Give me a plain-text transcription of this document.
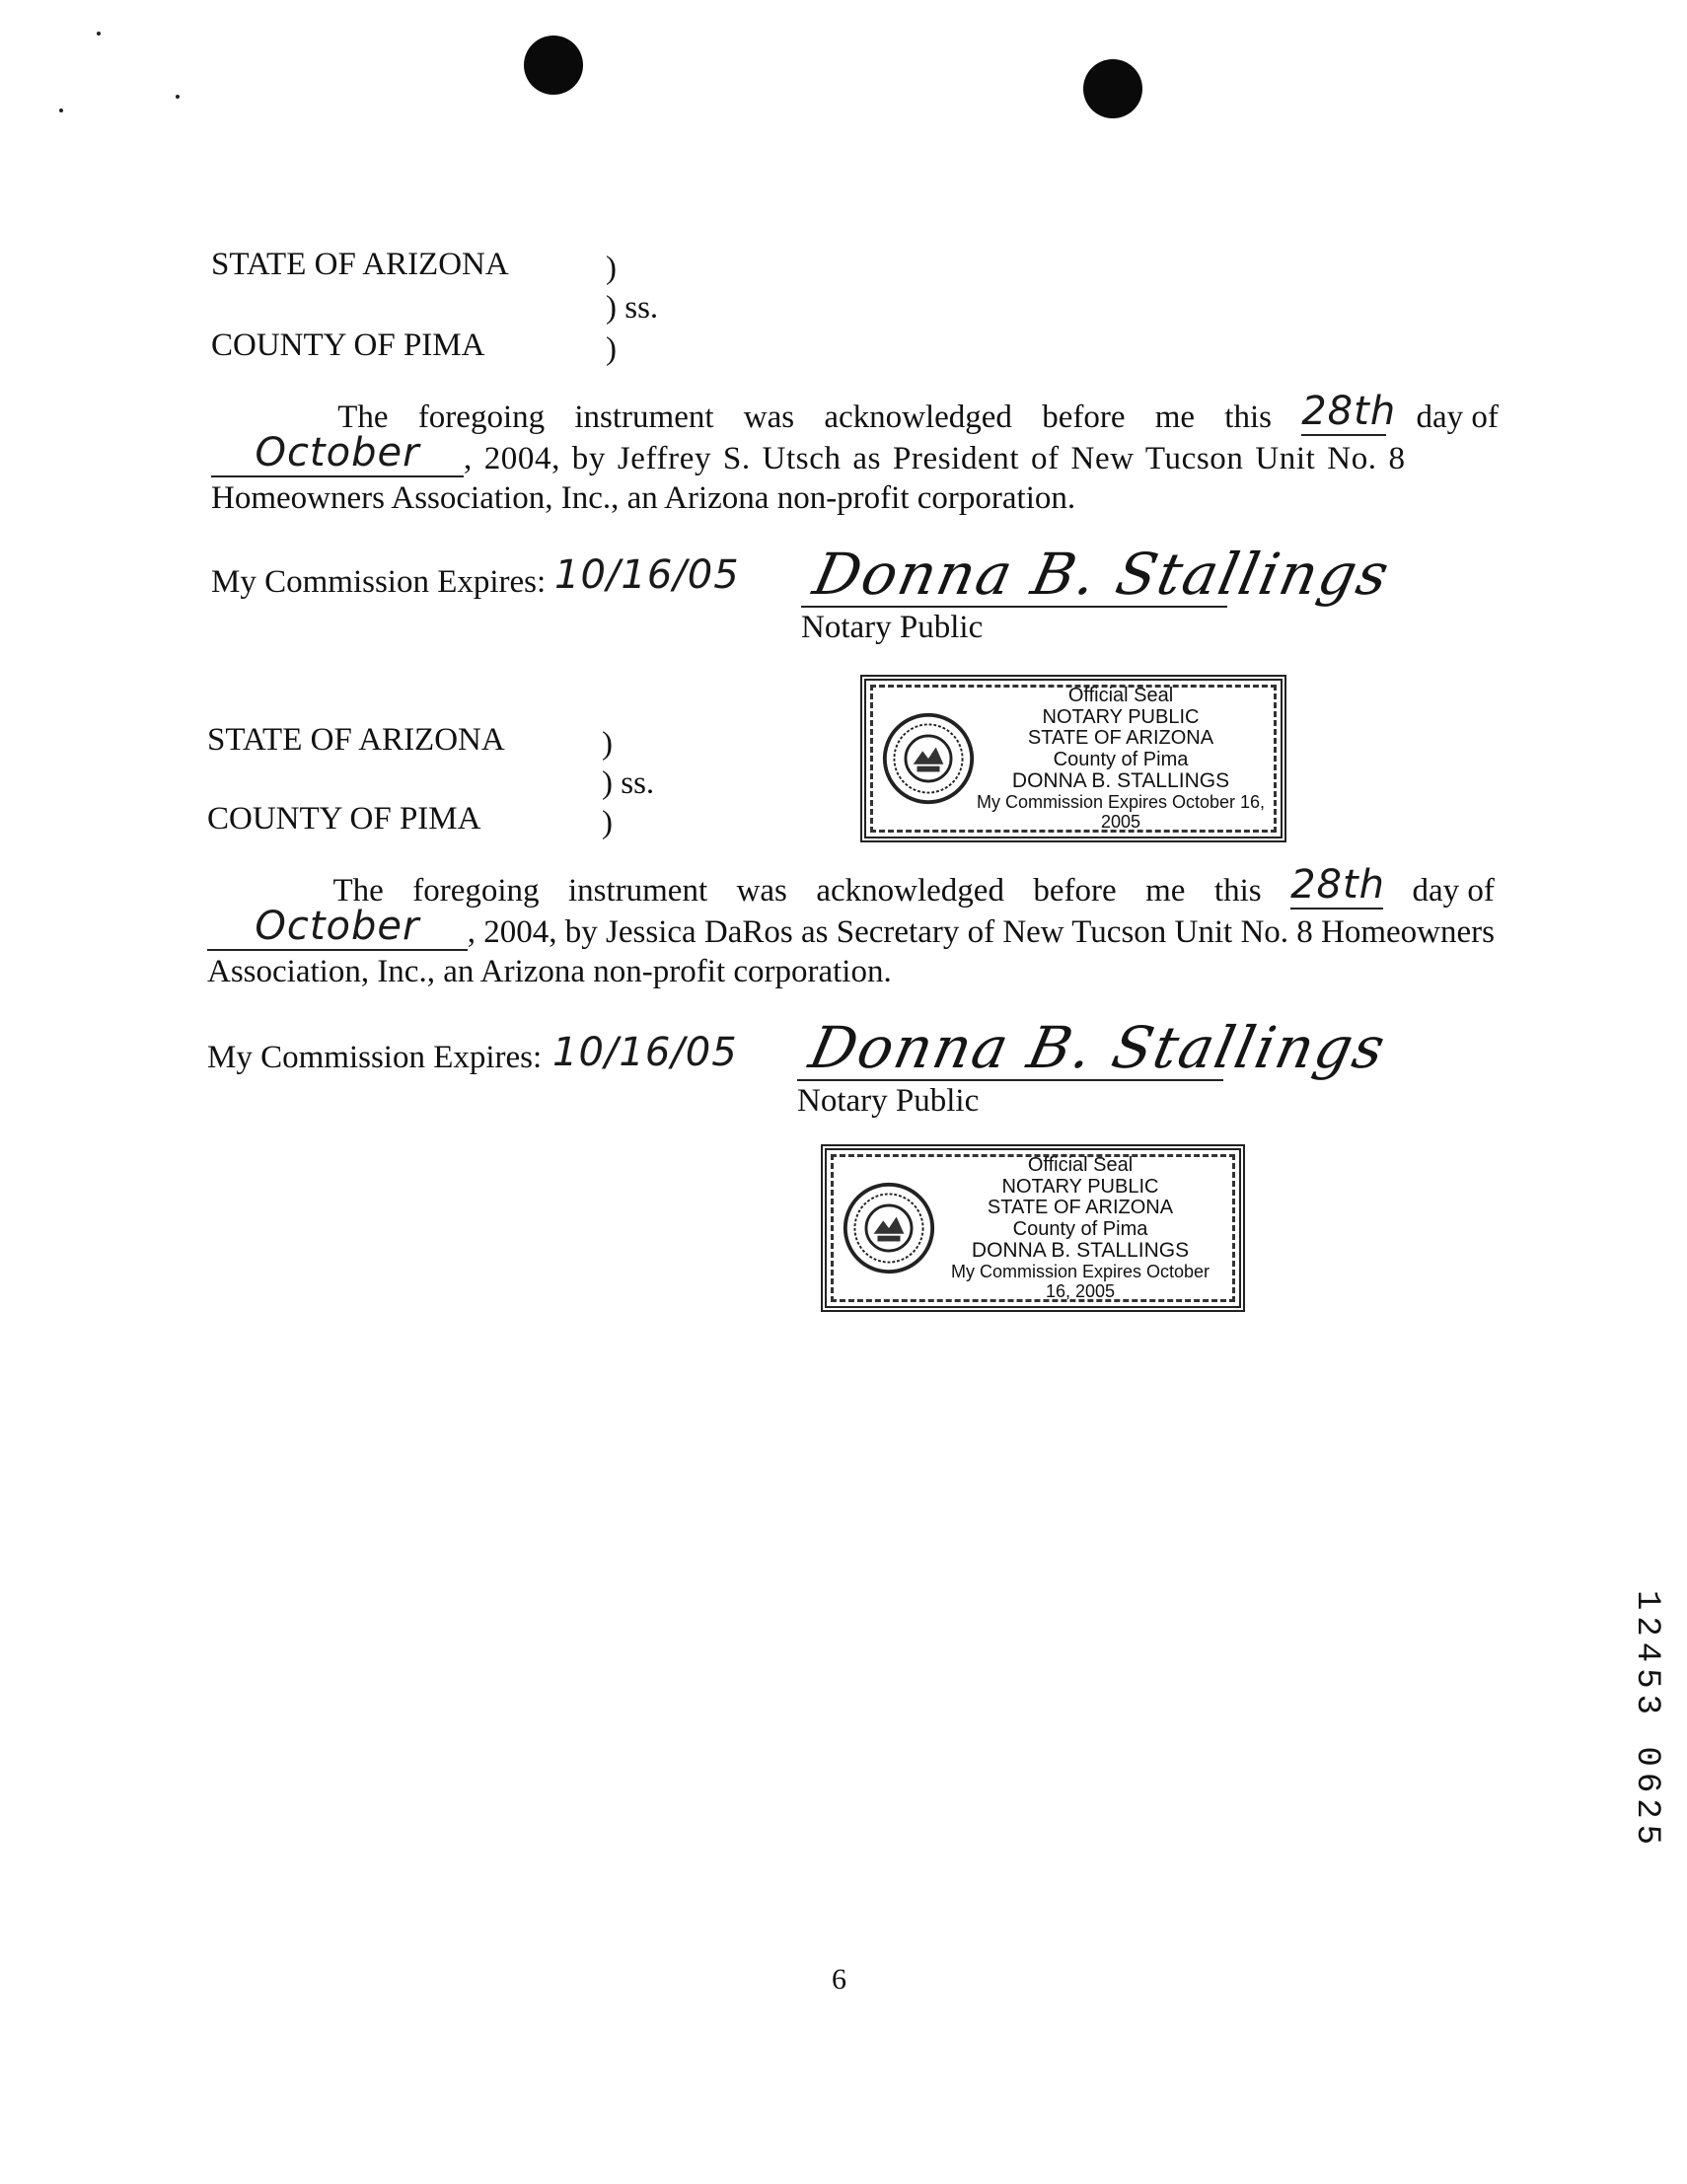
STATE OF ARIZONA	)
) ss.
COUNTY OF PIMA	)
The foregoing instrument was acknowledged before me this 28th day of
October	, 2004, by Jeffrey S. Utsch as President of New Tucson Unit No. 8
Homeowners Association, Inc., an Arizona non-profit corporation.
My Commission Expires: 10/16/05 Donna B. Stallings
Notary Public
Official Seal
NOTARY PUBLIC
STATE OF ARIZONA
County of Pima
DONNA B. STALLINGS
My Commission Expires October 16, 2005
STATE OF ARIZONA	)
) ss.
COUNTY OF PIMA	)
The foregoing instrument was acknowledged before me this 28th day of
October	, 2004, by Jessica DaRos as Secretary of New Tucson Unit No. 8 Homeowners
Association, Inc., an Arizona non-profit corporation.
My Commission Expires: 10/16/05 Donna B. Stallings
Notary Public
Official Seal
NOTARY PUBLIC
STATE OF ARIZONA
County of Pima
DONNA B. STALLINGS
My Commission Expires October 16, 2005
12453 0625
6
